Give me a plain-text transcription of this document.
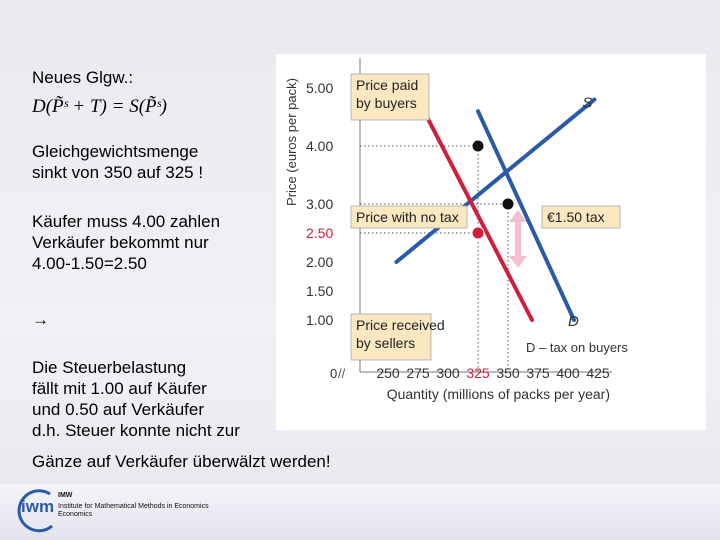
Neues Glgw.:
D(P̃ˢ + T) = S(P̃ˢ)
Gleichgewichtsmenge
sinkt von 350 auf 325 !
Käufer muss 4.00 zahlen
Verkäufer bekommt nur
4.00-1.50=2.50
→
Die Steuerbelastung
fällt mit 1.00 auf Käufer
und 0.50 auf Verkäufer
d.h. Steuer konnte nicht zur
0 //
1.00
1.50
2.00
2.50
3.00
4.00
5.00
250 275 300 325 350 375 400 425
Quantity (millions of packs per year)
Price (euros per pack)	S
D
D – tax on buyers
Price paid by buyers
Price with no tax	€1.50 tax
Price received by sellers
Gänze auf Verkäufer überwälzt werden!
iwm
IMW
Institute for Mathematical Methods in Economics
Economics
